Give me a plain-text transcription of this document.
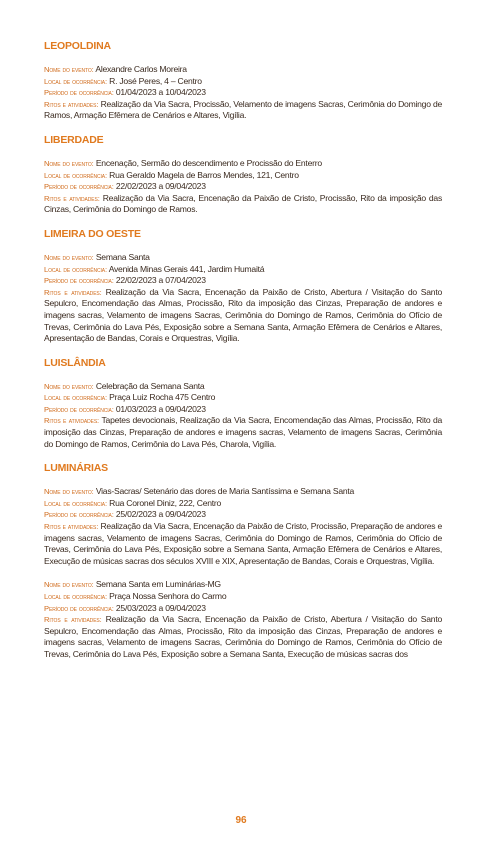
LEOPOLDINA
Nome do evento: Alexandre Carlos Moreira
Local de ocorrência: R. José Peres, 4 – Centro
Período de ocorrência: 01/04/2023 a 10/04/2023
Ritos e atividades: Realização da Via Sacra, Procissão, Velamento de imagens Sacras, Cerimônia do Domingo de Ramos, Armação Efêmera de Cenários e Altares, Vigília.
LIBERDADE
Nome do evento: Encenação, Sermão do descendimento e Procissão do Enterro
Local de ocorrência: Rua Geraldo Magela de Barros Mendes, 121, Centro
Período de ocorrência: 22/02/2023 a 09/04/2023
Ritos e atividades: Realização da Via Sacra, Encenação da Paixão de Cristo, Procissão, Rito da imposição das Cinzas, Cerimônia do Domingo de Ramos.
LIMEIRA DO OESTE
Nome do evento: Semana Santa
Local de ocorrência: Avenida Minas Gerais 441, Jardim Humaitá
Período de ocorrência: 22/02/2023 a 07/04/2023
Ritos e atividades: Realização da Via Sacra, Encenação da Paixão de Cristo, Abertura / Visitação do Santo Sepulcro, Encomendação das Almas, Procissão, Rito da imposição das Cinzas, Preparação de andores e imagens sacras, Velamento de imagens Sacras, Cerimônia do Domingo de Ramos, Cerimônia do Ofício de Trevas, Cerimônia do Lava Pés, Exposição sobre a Semana Santa, Armação Efêmera de Cenários e Altares, Apresentação de Bandas, Corais e Orquestras, Vigília.
LUISLÂNDIA
Nome do evento: Celebração da Semana Santa
Local de ocorrência: Praça Luiz Rocha 475 Centro
Período de ocorrência: 01/03/2023 a 09/04/2023
Ritos e atividades: Tapetes devocionais, Realização da Via Sacra, Encomendação das Almas, Procissão, Rito da imposição das Cinzas, Preparação de andores e imagens sacras, Velamento de imagens Sacras, Cerimônia do Domingo de Ramos, Cerimônia do Lava Pés, Charola, Vigília.
LUMINÁRIAS
Nome do evento: Vias-Sacras/ Setenário das dores de Maria Santíssima e Semana Santa
Local de ocorrência: Rua Coronel Diniz, 222, Centro
Período de ocorrência: 25/02/2023 a 09/04/2023
Ritos e atividades: Realização da Via Sacra, Encenação da Paixão de Cristo, Procissão, Preparação de andores e imagens sacras, Velamento de imagens Sacras, Cerimônia do Domingo de Ramos, Cerimônia do Ofício de Trevas, Cerimônia do Lava Pés, Exposição sobre a Semana Santa, Armação Efêmera de Cenários e Altares, Execução de músicas sacras dos séculos XVIII e XIX, Apresentação de Bandas, Corais e Orquestras, Vigília.
Nome do evento: Semana Santa em Luminárias-MG
Local de ocorrência: Praça Nossa Senhora do Carmo
Período de ocorrência: 25/03/2023 a 09/04/2023
Ritos e atividades: Realização da Via Sacra, Encenação da Paixão de Cristo, Abertura / Visitação do Santo Sepulcro, Encomendação das Almas, Procissão, Rito da imposição das Cinzas, Preparação de andores e imagens sacras, Velamento de imagens Sacras, Cerimônia do Domingo de Ramos, Cerimônia do Ofício de Trevas, Cerimônia do Lava Pés, Exposição sobre a Semana Santa, Execução de músicas sacras dos
96
